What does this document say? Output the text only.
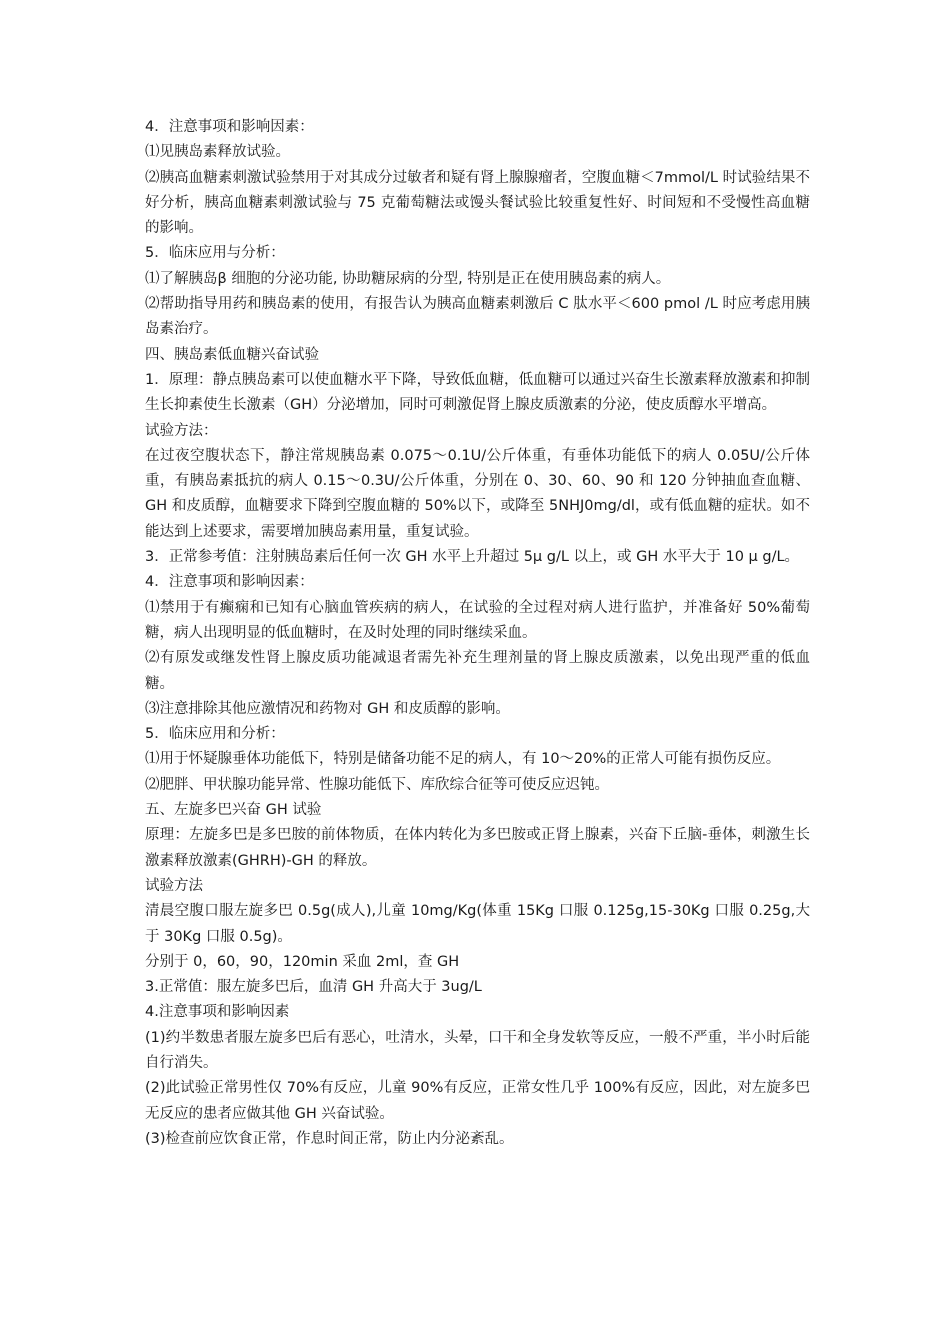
4．注意事项和影响因素：

⑴见胰岛素释放试验。

⑵胰高血糖素刺激试验禁用于对其成分过敏者和疑有肾上腺腺瘤者，空腹血糖＜7mmol/L 时试验结果不好分析，胰高血糖素刺激试验与 75 克葡萄糖法或馒头餐试验比较重复性好、时间短和不受慢性高血糖的影响。

5．临床应用与分析：

⑴了解胰岛β 细胞的分泌功能, 协助糖尿病的分型, 特别是正在使用胰岛素的病人。

⑵帮助指导用药和胰岛素的使用，有报告认为胰高血糖素刺激后 C 肽水平＜600 pmol /L 时应考虑用胰岛素治疗。

四、胰岛素低血糖兴奋试验

1．原理：静点胰岛素可以使血糖水平下降，导致低血糖，低血糖可以通过兴奋生长激素释放激素和抑制生长抑素使生长激素（GH）分泌增加，同时可刺激促肾上腺皮质激素的分泌，使皮质醇水平增高。

试验方法：

在过夜空腹状态下，静注常规胰岛素 0.075～0.1U/公斤体重，有垂体功能低下的病人 0.05U/公斤体重，有胰岛素抵抗的病人 0.15～0.3U/公斤体重，分别在 0、30、60、90 和 120 分钟抽血查血糖、GH 和皮质醇，血糖要求下降到空腹血糖的 50%以下，或降至 5NHJ0mg/dl，或有低血糖的症状。如不能达到上述要求，需要增加胰岛素用量，重复试验。

3．正常参考值：注射胰岛素后任何一次 GH 水平上升超过 5μ g/L 以上，或 GH 水平大于 10 μ g/L。

4．注意事项和影响因素：

⑴禁用于有癫痫和已知有心脑血管疾病的病人，在试验的全过程对病人进行监护，并准备好 50%葡萄糖，病人出现明显的低血糖时，在及时处理的同时继续采血。

⑵有原发或继发性肾上腺皮质功能减退者需先补充生理剂量的肾上腺皮质激素，以免出现严重的低血糖。

⑶注意排除其他应激情况和药物对 GH 和皮质醇的影响。

5．临床应用和分析：

⑴用于怀疑腺垂体功能低下，特别是储备功能不足的病人，有 10～20%的正常人可能有损伤反应。

⑵肥胖、甲状腺功能异常、性腺功能低下、库欣综合征等可使反应迟钝。

五、左旋多巴兴奋 GH 试验

原理：左旋多巴是多巴胺的前体物质，在体内转化为多巴胺或正肾上腺素，兴奋下丘脑-垂体，刺激生长激素释放激素(GHRH)-GH 的释放。

试验方法

清晨空腹口服左旋多巴 0.5g(成人),儿童 10mg/Kg(体重 15Kg 口服 0.125g,15-30Kg 口服 0.25g,大于 30Kg 口服 0.5g)。

分别于 0，60，90，120min 采血 2ml，查 GH

3.正常值：服左旋多巴后，血清 GH 升高大于 3ug/L

4.注意事项和影响因素

(1)约半数患者服左旋多巴后有恶心，吐清水，头晕，口干和全身发软等反应，一般不严重，半小时后能自行消失。

(2)此试验正常男性仅 70%有反应，儿童 90%有反应，正常女性几乎 100%有反应，因此，对左旋多巴无反应的患者应做其他 GH 兴奋试验。

(3)检查前应饮食正常，作息时间正常，防止内分泌紊乱。
